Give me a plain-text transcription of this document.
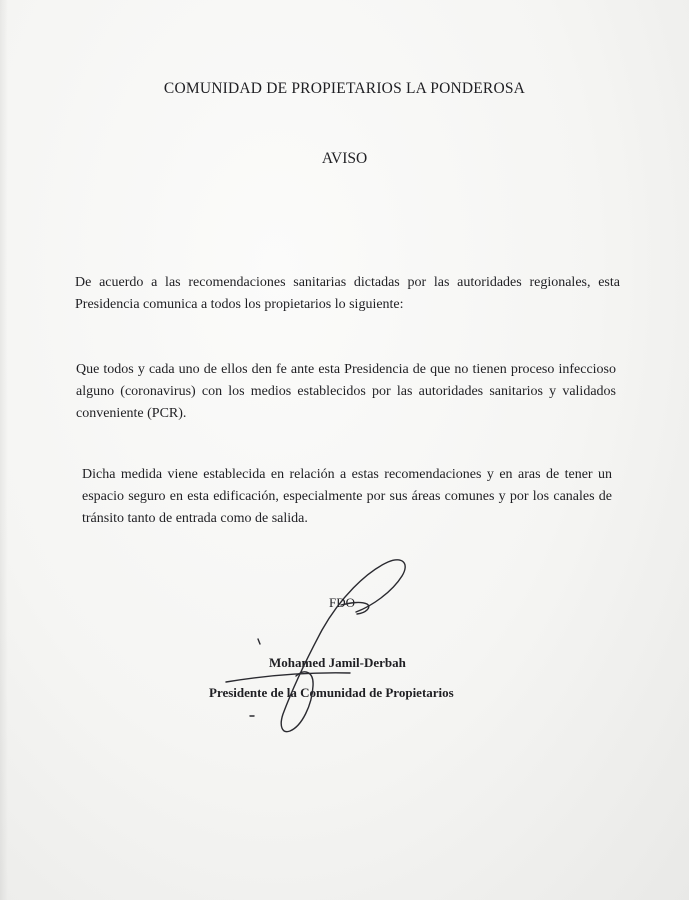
COMUNIDAD DE PROPIETARIOS LA PONDEROSA
AVISO

De acuerdo a las recomendaciones sanitarias dictadas por las autoridades regionales, esta Presidencia comunica a todos los propietarios lo siguiente:

Que todos y cada uno de ellos den fe ante esta Presidencia de que no tienen proceso infeccioso alguno (coronavirus) con los medios establecidos por las autoridades sanitarios y validados conveniente (PCR).

Dicha medida viene establecida en relación a estas recomendaciones y en aras de tener un espacio seguro en esta edificación, especialmente por sus áreas comunes y por los canales de tránsito tanto de entrada como de salida.

FDO
Mohamed Jamil-Derbah
Presidente de la Comunidad de Propietarios
